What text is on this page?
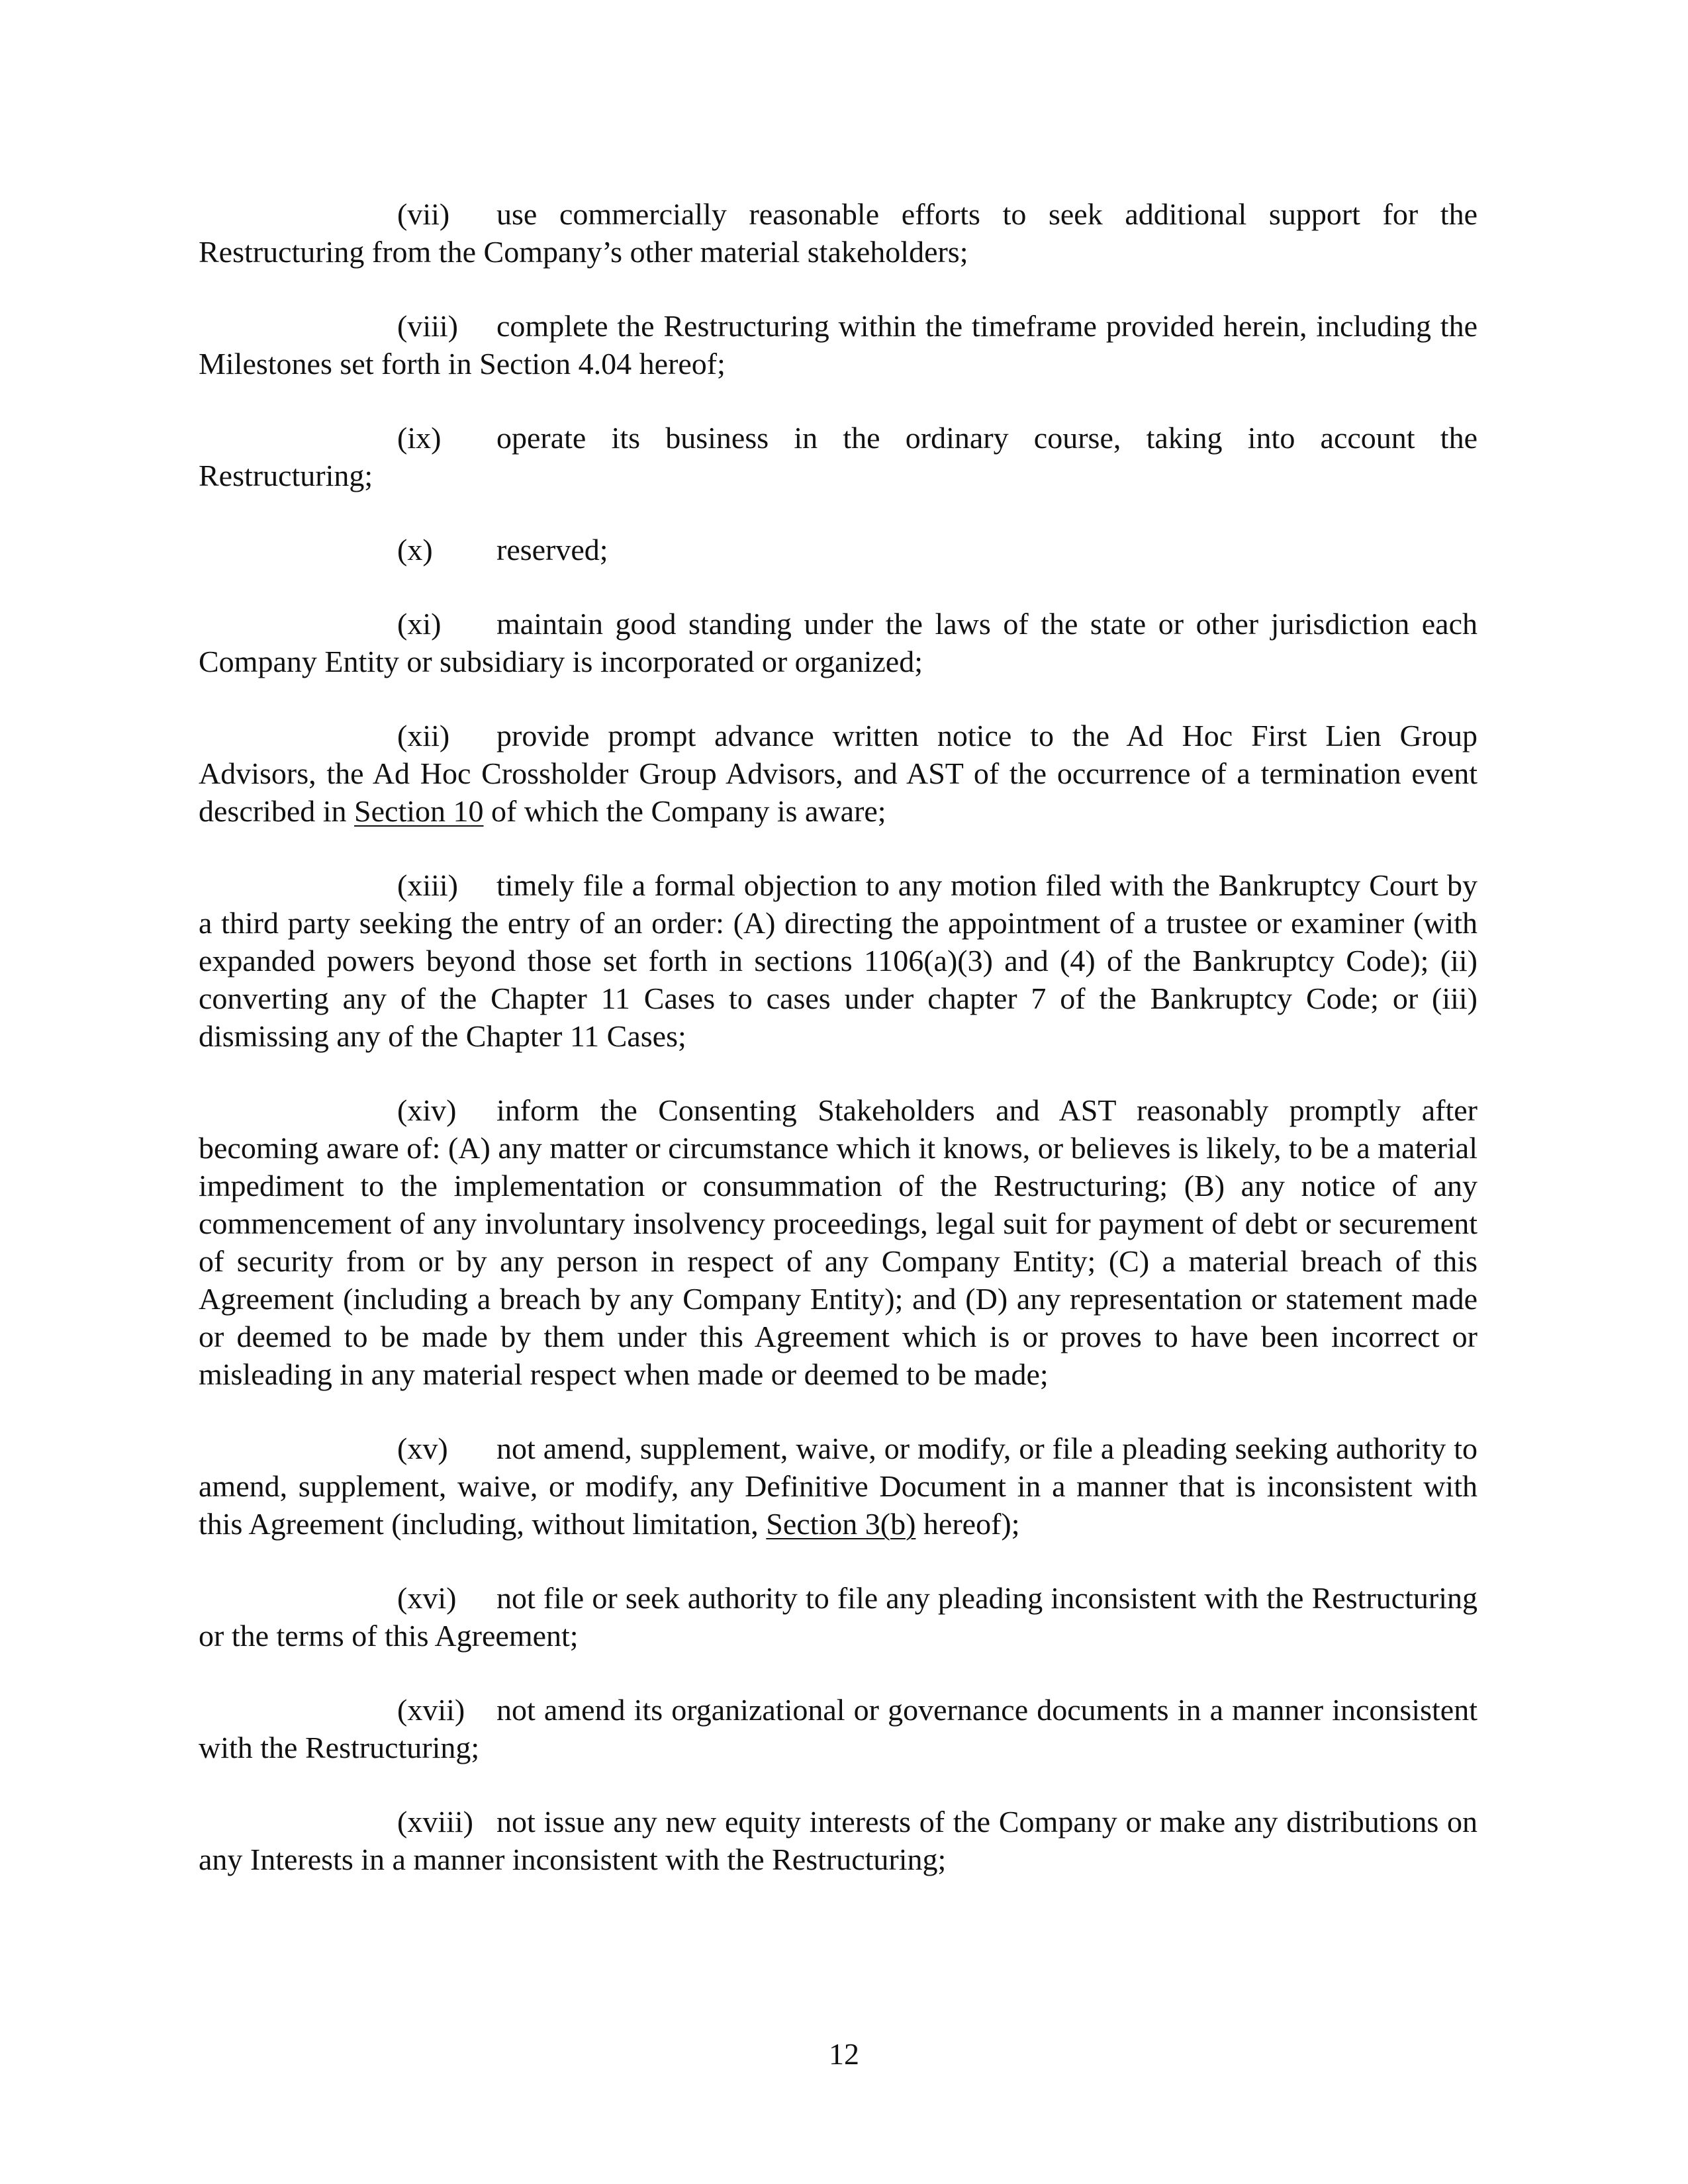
(vii) use commercially reasonable efforts to seek additional support for the Restructuring from the Company’s other material stakeholders;

(viii) complete the Restructuring within the timeframe provided herein, including the Milestones set forth in Section 4.04 hereof;

(ix) operate its business in the ordinary course, taking into account the Restructuring;

(x) reserved;

(xi) maintain good standing under the laws of the state or other jurisdiction each Company Entity or subsidiary is incorporated or organized;

(xii) provide prompt advance written notice to the Ad Hoc First Lien Group Advisors, the Ad Hoc Crossholder Group Advisors, and AST of the occurrence of a termination event described in Section 10 of which the Company is aware;

(xiii) timely file a formal objection to any motion filed with the Bankruptcy Court by a third party seeking the entry of an order: (A) directing the appointment of a trustee or examiner (with expanded powers beyond those set forth in sections 1106(a)(3) and (4) of the Bankruptcy Code); (ii) converting any of the Chapter 11 Cases to cases under chapter 7 of the Bankruptcy Code; or (iii) dismissing any of the Chapter 11 Cases;

(xiv) inform the Consenting Stakeholders and AST reasonably promptly after becoming aware of: (A) any matter or circumstance which it knows, or believes is likely, to be a material impediment to the implementation or consummation of the Restructuring; (B) any notice of any commencement of any involuntary insolvency proceedings, legal suit for payment of debt or securement of security from or by any person in respect of any Company Entity; (C) a material breach of this Agreement (including a breach by any Company Entity); and (D) any representation or statement made or deemed to be made by them under this Agreement which is or proves to have been incorrect or misleading in any material respect when made or deemed to be made;

(xv) not amend, supplement, waive, or modify, or file a pleading seeking authority to amend, supplement, waive, or modify, any Definitive Document in a manner that is inconsistent with this Agreement (including, without limitation, Section 3(b) hereof);

(xvi) not file or seek authority to file any pleading inconsistent with the Restructuring or the terms of this Agreement;

(xvii) not amend its organizational or governance documents in a manner inconsistent with the Restructuring;

(xviii) not issue any new equity interests of the Company or make any distributions on any Interests in a manner inconsistent with the Restructuring;

12
